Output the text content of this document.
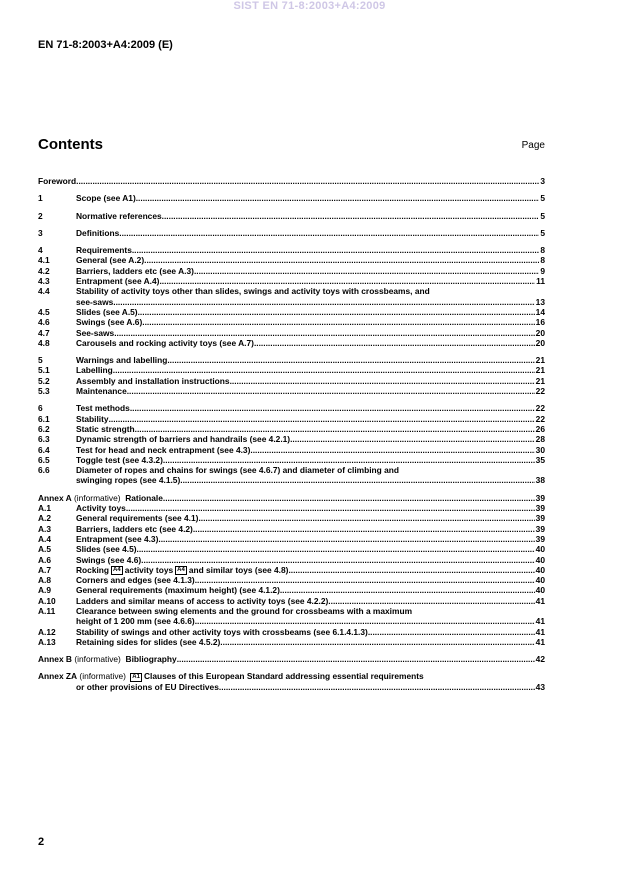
SIST EN 71-8:2003+A4:2009
EN 71-8:2003+A4:2009 (E)
Contents	Page
Foreword .....	3
1	Scope (see A1) .....	5
2	Normative references .....	5
3	Definitions .....	5
4	Requirements .....	8
4.1	General (see A.2) .....	8
4.2	Barriers, ladders etc (see A.3) .....	9
4.3	Entrapment (see A.4) .....	11
4.4	Stability of activity toys other than slides, swings and activity toys with crossbeams, and
see-saws .....	13
4.5	Slides (see A.5) .....	14
4.6	Swings (see A.6) .....	16
4.7	See-saws .....	20
4.8	Carousels and rocking activity toys (see A.7) .....	20
5	Warnings and labelling .....	21
5.1	Labelling .....	21
5.2	Assembly and installation instructions .....	21
5.3	Maintenance .....	22
6	Test methods .....	22
6.1	Stability .....	22
6.2	Static strength .....	26
6.3	Dynamic strength of barriers and handrails (see 4.2.1) .....	28
6.4	Test for head and neck entrapment (see 4.3) .....	30
6.5	Toggle test (see 4.3.2) .....	35
6.6	Diameter of ropes and chains for swings (see 4.6.7) and diameter of climbing and
swinging ropes (see 4.1.5) .....	38
Annex A
(informative)
Rationale .....	39
A.1	Activity toys .....	39
A.2	General requirements (see 4.1) .....	39
A.3	Barriers, ladders etc (see 4.2) .....	39
A.4	Entrapment (see 4.3) .....	39
A.5	Slides (see 4.5) .....	40
A.6	Swings (see 4.6) .....	40
A.7	Rocking A4 activity toys A4 and similar toys (see 4.8) .....	40
A.8	Corners and edges (see 4.1.3) .....	40
A.9	General requirements (maximum height) (see 4.1.2) .....	40
A.10	Ladders and similar means of access to activity toys (see 4.2.2) .....	41
A.11	Clearance between swing elements and the ground for crossbeams with a maximum
height of 1 200 mm (see 4.6.6) .....	41
A.12	Stability of swings and other activity toys with crossbeams (see 6.1.4.1.3) .....	41
A.13	Retaining sides for slides (see 4.5.2) .....	41
Annex B
(informative)
Bibliography .....	42
Annex ZA
(informative)
	A1 Clauses of this European Standard addressing essential requirements
or other provisions of EU Directives .....	43
2
